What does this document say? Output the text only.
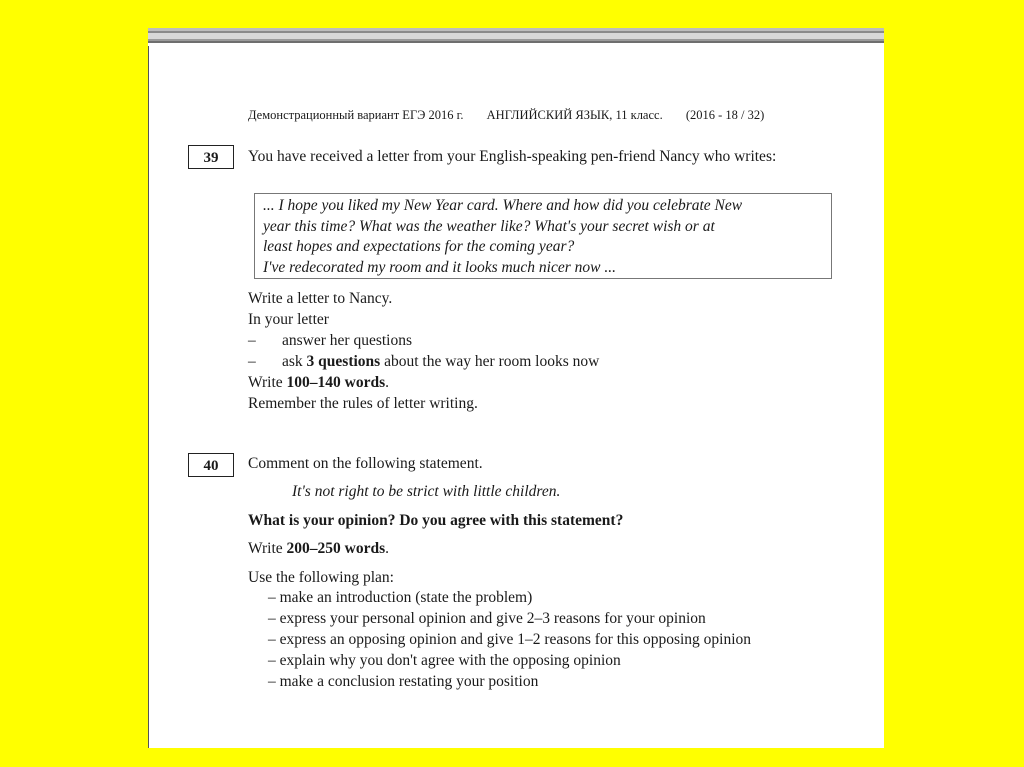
Демонстрационный вариант ЕГЭ 2016 г. АНГЛИЙСКИЙ ЯЗЫК, 11 класс. (2016 - 18 / 32)
39	You have received a letter from your English-speaking pen-friend Nancy who writes:
... I hope you liked my New Year card. Where and how did you celebrate New
year this time? What was the weather like? What's your secret wish or at
least hopes and expectations for the coming year?
I've redecorated my room and it looks much nicer now ...
Write a letter to Nancy.
In your letter
– answer her questions
– ask 3 questions about the way her room looks now
Write 100–140 words.
Remember the rules of letter writing.
40	Comment on the following statement.
It's not right to be strict with little children.
What is your opinion? Do you agree with this statement?
Write 200–250 words.
Use the following plan:
– make an introduction (state the problem)
– express your personal opinion and give 2–3 reasons for your opinion
– express an opposing opinion and give 1–2 reasons for this opposing opinion
– explain why you don't agree with the opposing opinion
– make a conclusion restating your position
